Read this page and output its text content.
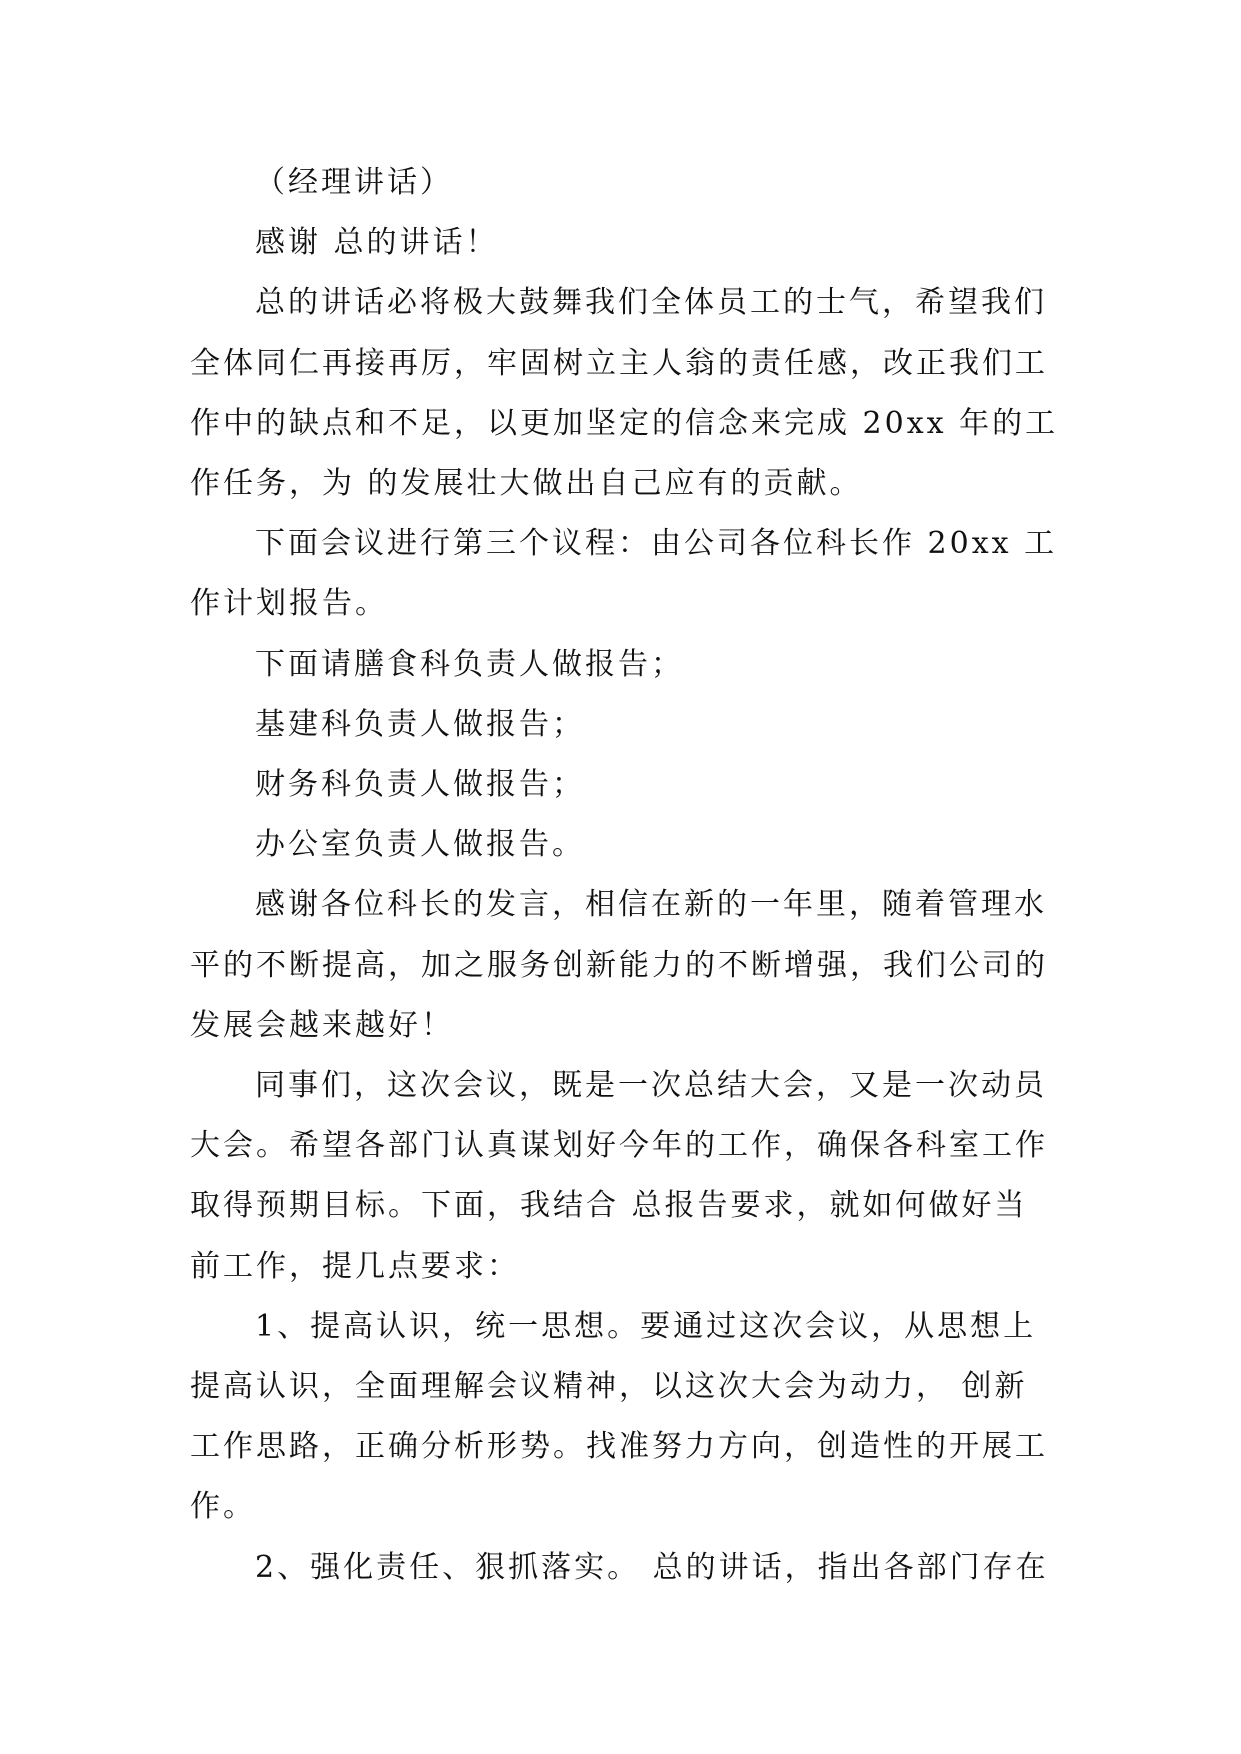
（经理讲话）
感谢 总的讲话！
总的讲话必将极大鼓舞我们全体员工的士气，希望我们
全体同仁再接再厉，牢固树立主人翁的责任感，改正我们工
作中的缺点和不足，以更加坚定的信念来完成 20xx 年的工
作任务，为 的发展壮大做出自己应有的贡献。
下面会议进行第三个议程：由公司各位科长作 20xx 工
作计划报告。
下面请膳食科负责人做报告；
基建科负责人做报告；
财务科负责人做报告；
办公室负责人做报告。
感谢各位科长的发言，相信在新的一年里，随着管理水
平的不断提高，加之服务创新能力的不断增强，我们公司的
发展会越来越好！
同事们，这次会议，既是一次总结大会，又是一次动员
大会。希望各部门认真谋划好今年的工作，确保各科室工作
取得预期目标。下面，我结合 总报告要求，就如何做好当
前工作，提几点要求：
1、提高认识，统一思想。要通过这次会议，从思想上
提高认识，全面理解会议精神，以这次大会为动力， 创新
工作思路，正确分析形势。找准努力方向，创造性的开展工
作。
2、强化责任、狠抓落实。 总的讲话，指出各部门存在
